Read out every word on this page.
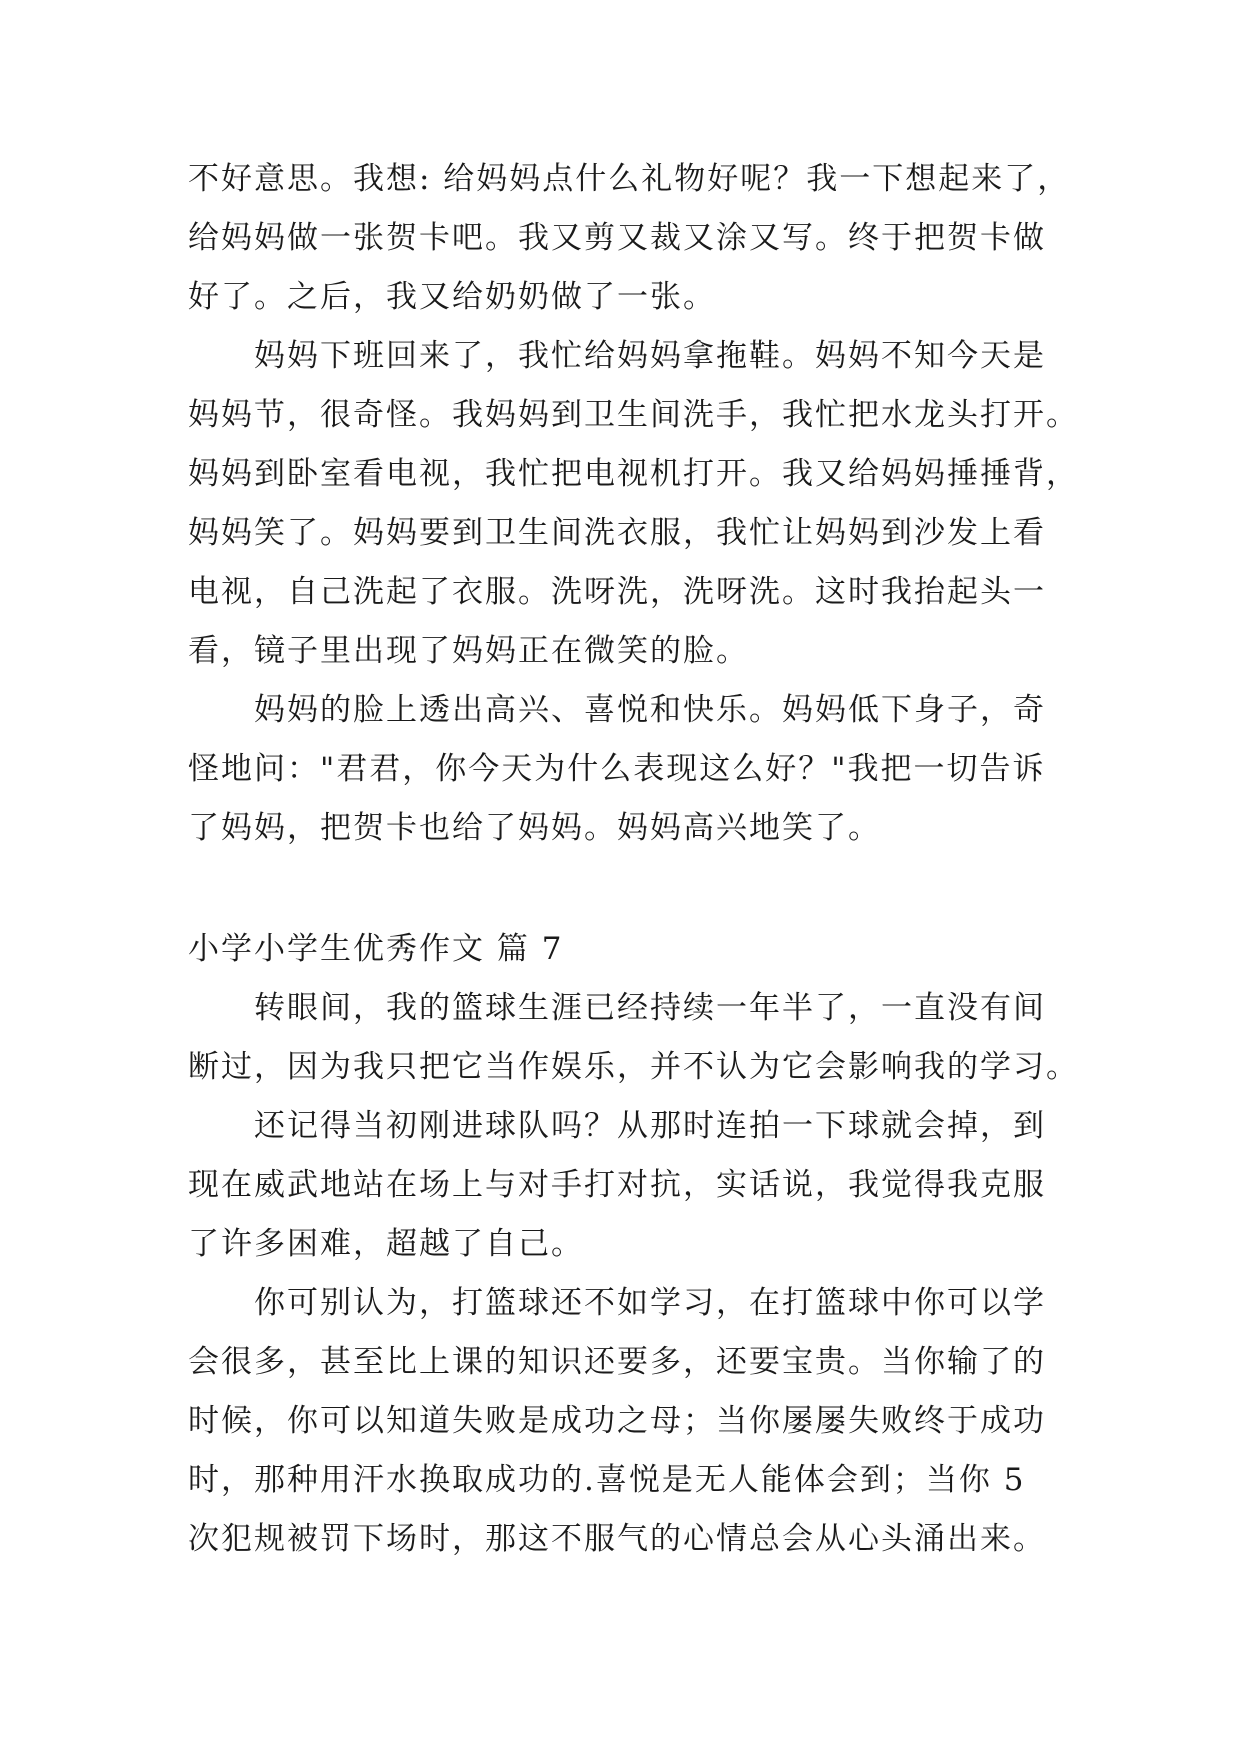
不好意思。我想: 给妈妈点什么礼物好呢？我一下想起来了，
给妈妈做一张贺卡吧。我又剪又裁又涂又写。终于把贺卡做
好了。之后，我又给奶奶做了一张。
妈妈下班回来了，我忙给妈妈拿拖鞋。妈妈不知今天是
妈妈节，很奇怪。我妈妈到卫生间洗手，我忙把水龙头打开。
妈妈到卧室看电视，我忙把电视机打开。我又给妈妈捶捶背，
妈妈笑了。妈妈要到卫生间洗衣服，我忙让妈妈到沙发上看
电视，自己洗起了衣服。洗呀洗，洗呀洗。这时我抬起头一
看，镜子里出现了妈妈正在微笑的脸。
妈妈的脸上透出高兴、喜悦和快乐。妈妈低下身子，奇
怪地问："君君，你今天为什么表现这么好？"我把一切告诉
了妈妈，把贺卡也给了妈妈。妈妈高兴地笑了。
小学小学生优秀作文 篇 7
转眼间，我的篮球生涯已经持续一年半了，一直没有间
断过，因为我只把它当作娱乐，并不认为它会影响我的学习。
还记得当初刚进球队吗？从那时连拍一下球就会掉，到
现在威武地站在场上与对手打对抗，实话说，我觉得我克服
了许多困难，超越了自己。
你可别认为，打篮球还不如学习，在打篮球中你可以学
会很多，甚至比上课的知识还要多，还要宝贵。当你输了的
时候，你可以知道失败是成功之母；当你屡屡失败终于成功
时，那种用汗水换取成功的.喜悦是无人能体会到；当你 5
次犯规被罚下场时，那这不服气的心情总会从心头涌出来。
